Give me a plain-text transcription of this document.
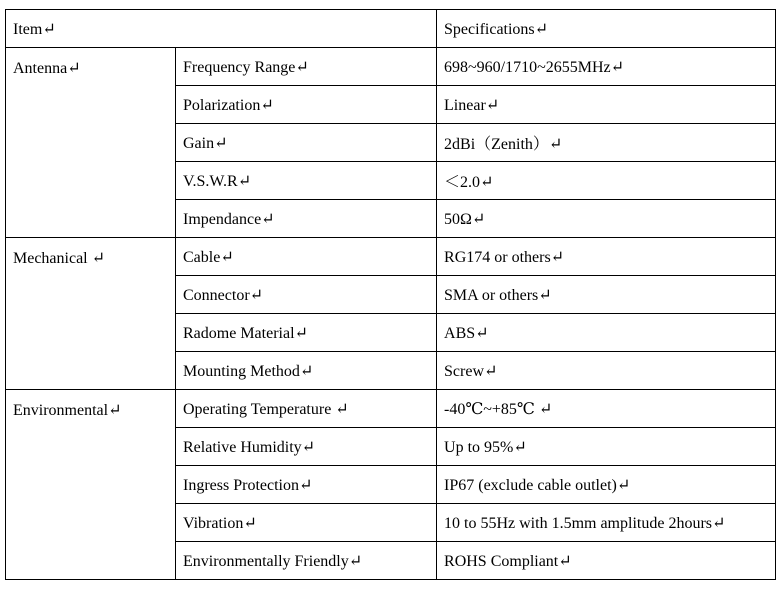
Item↵		Specifications↵
Antenna↵	Frequency Range↵	698~960/1710~2655MHz↵
	Polarization↵	Linear↵
	Gain↵	2dBi（Zenith）↵
	V.S.W.R↵	＜2.0↵
	Impendance↵	50Ω↵
Mechanical ↵	Cable↵	RG174 or others↵
	Connector↵	SMA or others↵
	Radome Material↵	ABS↵
	Mounting Method↵	Screw↵
Environmental↵	Operating Temperature ↵	-40℃~+85℃ ↵
	Relative Humidity↵	Up to 95%↵
	Ingress Protection↵	IP67 (exclude cable outlet)↵
	Vibration↵	10 to 55Hz with 1.5mm amplitude 2hours↵
	Environmentally Friendly↵	ROHS Compliant↵
